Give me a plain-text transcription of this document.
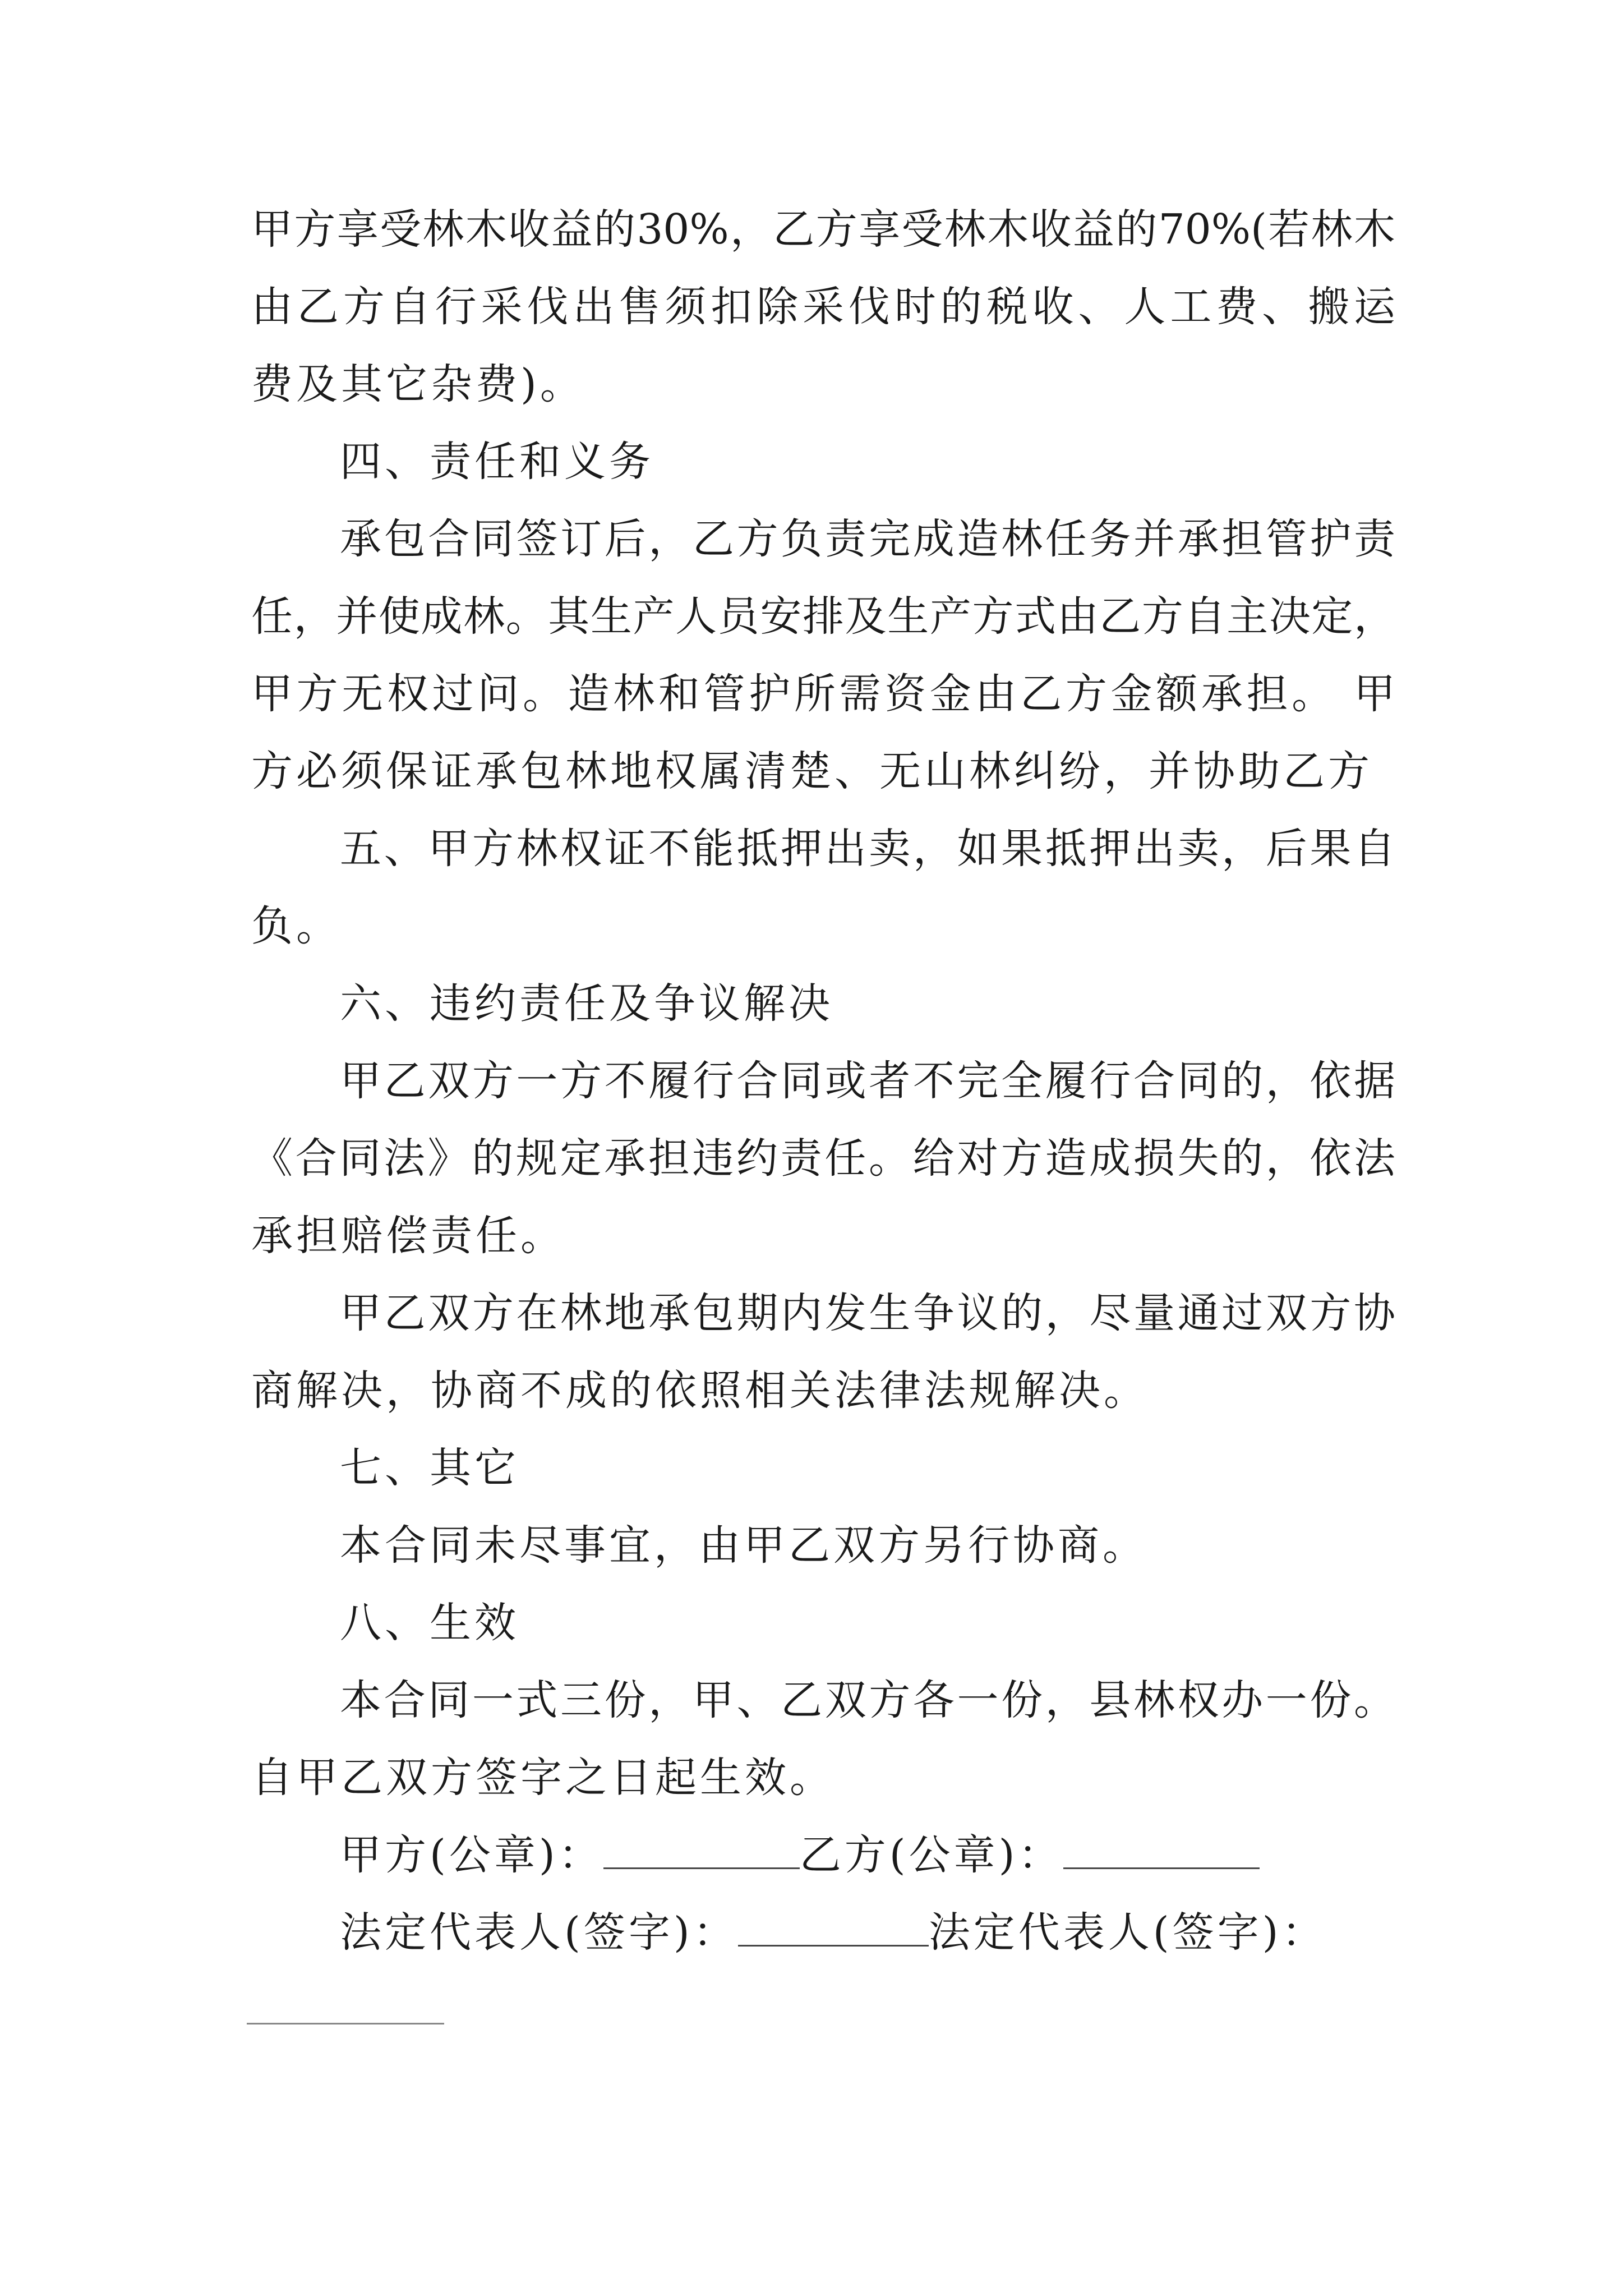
甲方享受林木收益的30%，乙方享受林木收益的70%(若林木
由乙方自行采伐出售须扣除采伐时的税收、人工费、搬运
费及其它杂费)。
四、责任和义务
承包合同签订后，乙方负责完成造林任务并承担管护责
任，并使成林。其生产人员安排及生产方式由乙方自主决定，
甲方无权过问。造林和管护所需资金由乙方金额承担。 甲
方必须保证承包林地权属清楚、无山林纠纷，并协助乙方
五、甲方林权证不能抵押出卖，如果抵押出卖，后果自
负。
六、违约责任及争议解决
甲乙双方一方不履行合同或者不完全履行合同的，依据
《合同法》的规定承担违约责任。给对方造成损失的，依法
承担赔偿责任。
甲乙双方在林地承包期内发生争议的，尽量通过双方协
商解决，协商不成的依照相关法律法规解决。
七、其它
本合同未尽事宜，由甲乙双方另行协商。
八、生效
本合同一式三份，甲、乙双方各一份，县林权办一份。
自甲乙双方签字之日起生效。
甲方(公章)：	乙方(公章)：
法定代表人(签字)：	法定代表人(签字)：
